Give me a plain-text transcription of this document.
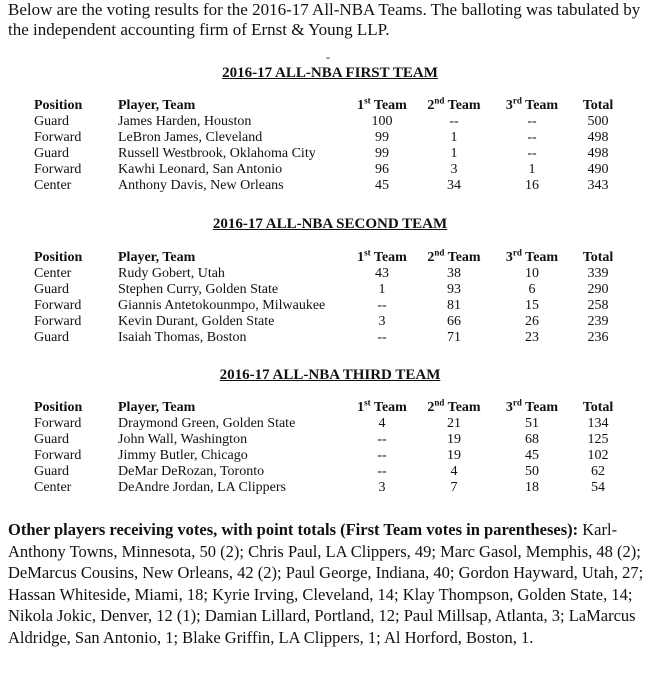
Below are the voting results for the 2016-17 All-NBA Teams. The balloting was tabulated by the independent accounting firm of Ernst & Young LLP.

-
2016-17 ALL-NBA FIRST TEAM
Position	Player, Team	1st Team	2nd Team	3rd Team	Total
Guard	James Harden, Houston	100	--	--	500
Forward	LeBron James, Cleveland	99	1	--	498
Guard	Russell Westbrook, Oklahoma City	99	1	--	498
Forward	Kawhi Leonard, San Antonio	96	3	1	490
Center	Anthony Davis, New Orleans	45	34	16	343
2016-17 ALL-NBA SECOND TEAM
Position	Player, Team	1st Team	2nd Team	3rd Team	Total
Center	Rudy Gobert, Utah	43	38	10	339
Guard	Stephen Curry, Golden State	1	93	6	290
Forward	Giannis Antetokounmpo, Milwaukee	--	81	15	258
Forward	Kevin Durant, Golden State	3	66	26	239
Guard	Isaiah Thomas, Boston	--	71	23	236
2016-17 ALL-NBA THIRD TEAM
Position	Player, Team	1st Team	2nd Team	3rd Team	Total
Forward	Draymond Green, Golden State	4	21	51	134
Guard	John Wall, Washington	--	19	68	125
Forward	Jimmy Butler, Chicago	--	19	45	102
Guard	DeMar DeRozan, Toronto	--	4	50	62
Center	DeAndre Jordan, LA Clippers	3	7	18	54

Other players receiving votes, with point totals (First Team votes in parentheses): Karl-Anthony Towns, Minnesota, 50 (2); Chris Paul, LA Clippers, 49; Marc Gasol, Memphis, 48 (2); DeMarcus Cousins, New Orleans, 42 (2); Paul George, Indiana, 40; Gordon Hayward, Utah, 27; Hassan Whiteside, Miami, 18; Kyrie Irving, Cleveland, 14; Klay Thompson, Golden State, 14; Nikola Jokic, Denver, 12 (1); Damian Lillard, Portland, 12; Paul Millsap, Atlanta, 3; LaMarcus Aldridge, San Antonio, 1; Blake Griffin, LA Clippers, 1; Al Horford, Boston, 1.
